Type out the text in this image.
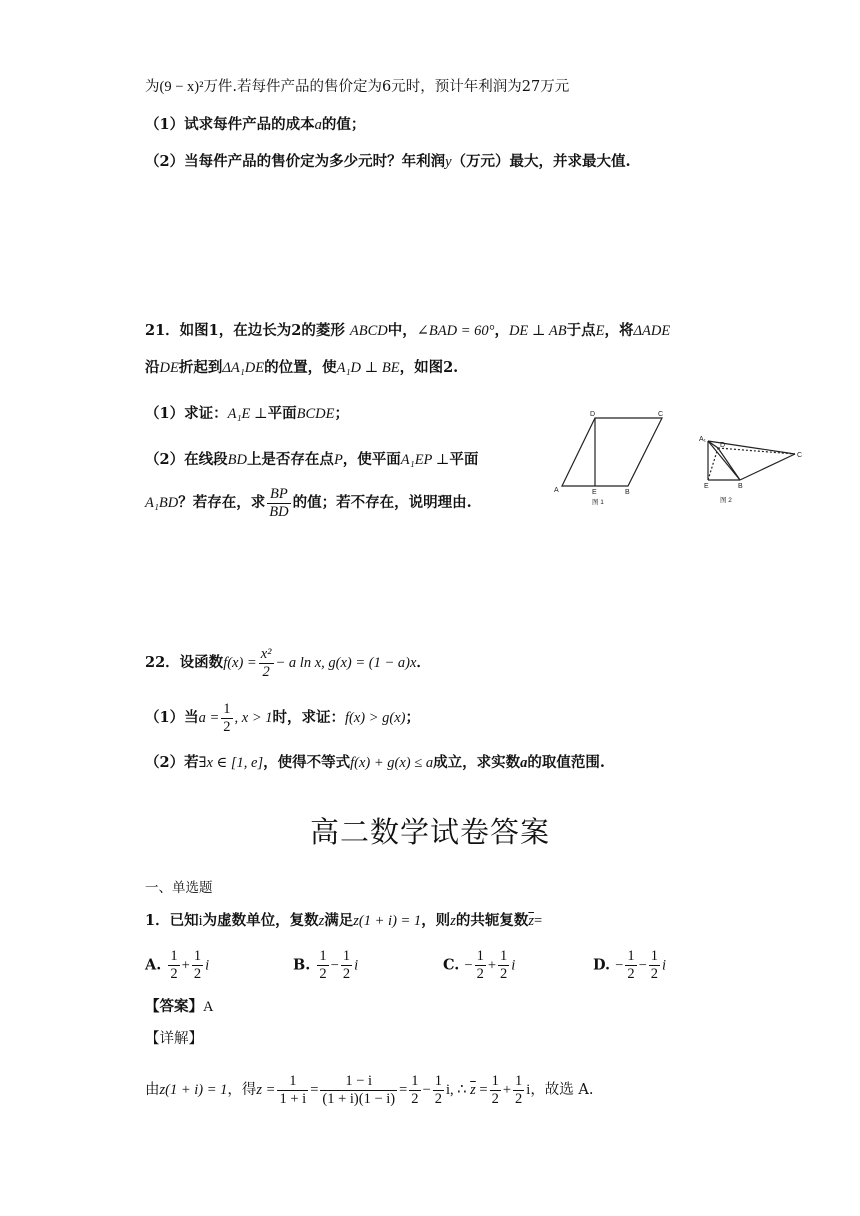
为(9 − x)²万件.若每件产品的售价定为6元时，预计年利润为27万元
（1）试求每件产品的成本a的值；
（2）当每件产品的售价定为多少元时？年利润y（万元）最大，并求最大值.
21．如图1，在边长为2的菱形 ABCD中，∠BAD = 60°，DE ⊥ AB于点E，将ΔADE
沿DE折起到ΔA₁DE的位置，使A₁D ⊥ BE，如图2.
（1）求证：A₁E ⊥平面BCDE；
（2）在线段BD上是否存在点P，使平面A₁EP ⊥平面
A₁BD？若存在，求 $\frac{BP}{BD}$ 的值；若不存在，说明理由.
D	C
A	E	B
图 1
A₁
D
C
E	B
图 2
22．设函数$f(x) = \frac{\text{x²}}{2} - a$ ln x, g(x) = (1 − a)x．
（1）当$a = \frac{1}{2}$ , x > 1时，求证：f(x) > g(x)；
（2）若∃x ∈ [1, e]，使得不等式f(x) + g(x) ≤ a成立，求实数a的取值范围.
高二数学试卷答案
一、单选题
1．已知i为虚数单位，复数z满足z(1 + i) = 1，则z的共轭复数$\overline{z}=$
A. $\frac{1}{2} + \frac{1}{2}$ i	B. $\frac{1}{2} - \frac{1}{2}$ i	C. − $\frac{1}{2} + \frac{1}{2}$ i	D. − $\frac{1}{2} - \frac{1}{2}$ i
【答案】A
【详解】
由z(1 + i) = 1，得$z = \frac{1}{1 + i} = \frac{1 - i}{(1 + i)(1 - i)} = \frac{1}{2} - \frac{1}{2} i$, ∴ $\overline{z} = \frac{1}{2} + \frac{1}{2}$ i，故选 A.
